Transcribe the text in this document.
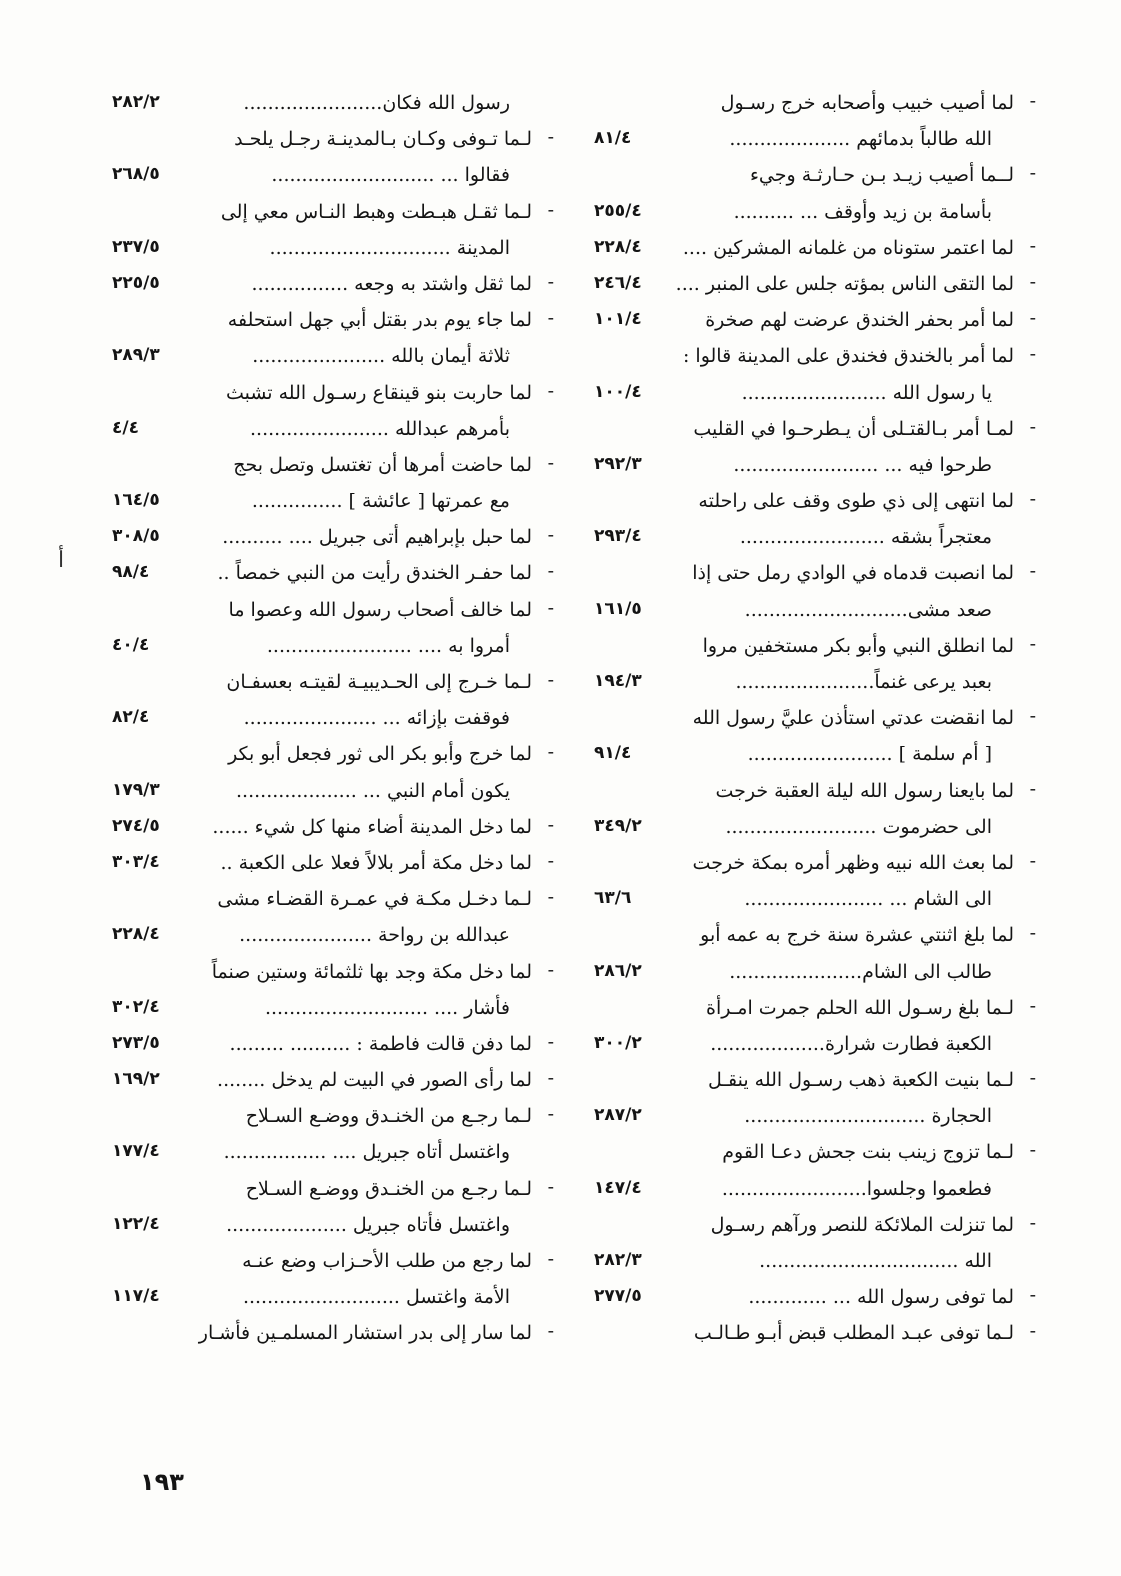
-
لما أصيب خبيب وأصحابه خرج رسـول
الله طالباً بدمائهم ....................
٨١/٤
-
لــما أصيب زيـد بـن حـارثـة وجيء
بأسامة بن زيد وأوقف ... ..........
٢٥٥/٤
-
لما اعتمر ستوناه من غلمانه المشركين ....
٢٢٨/٤
-
لما التقى الناس بمؤته جلس على المنبر ....
٢٤٦/٤
-
لما أمر بحفر الخندق عرضت لهم صخرة
١٠١/٤
-
لما أمر بالخندق فخندق على المدينة قالوا :
يا رسول الله ........................
١٠٠/٤
-
لمـا أمر بـالقتـلى أن يـطرحـوا في القليب
طرحوا فيه ... ........................
٢٩٢/٣
-
لما انتهى إلى ذي طوى وقف على راحلته
معتجراً بشقه ........................
٢٩٣/٤
-
لما انصبت قدماه في الوادي رمل حتى إذا
صعد مشى...........................
١٦١/٥
-
لما انطلق النبي وأبو بكر مستخفين مروا
بعبد يرعى غنماً.......................
١٩٤/٣
-
لما انقضت عدتي استأذن عليَّ رسول الله
[ أم سلمة ] ........................
٩١/٤
-
لما بايعنا رسول الله ليلة العقبة خرجت
الى حضرموت .........................
٣٤٩/٢
-
لما بعث الله نبيه وظهر أمره بمكة خرجت
الى الشام ... .......................
٦٣/٦
-
لما بلغ اثنتي عشرة سنة خرج به عمه أبو
طالب الى الشام......................
٢٨٦/٢
-
لـما بلغ رسـول الله الحلم جمرت امـرأة
الكعبة فطارت شرارة...................
٣٠٠/٢
-
لـما بنيت الكعبة ذهب رسـول الله ينقـل
الحجارة ..............................
٢٨٧/٢
-
لـما تزوج زينب بنت جحش دعـا القوم
فطعموا وجلسوا........................
١٤٧/٤
-
لما تنزلت الملائكة للنصر ورآهم رسـول
الله .................................
٢٨٢/٣
-
لما توفى رسول الله ... .............
٢٧٧/٥
-
لـما توفى عبـد المطلب قبض أبـو طـالـب
رسول الله فكان.......................
٢٨٢/٢
-
لـما تـوفى وكـان بـالمدينـة رجـل يلحـد
فقالوا ... ...........................
٢٦٨/٥
-
لـما ثقـل هبـطت وهبط النـاس معي إلى
المدينة ..............................
٢٣٧/٥
-
لما ثقل واشتد به وجعه ................
٢٢٥/٥
-
لما جاء يوم بدر بقتل أبي جهل استحلفه
ثلاثة أيمان بالله ......................
٢٨٩/٣
-
لما حاربت بنو قينقاع رسـول الله تشبث
بأمرهم عبدالله .......................
٤/٤
-
لما حاضت أمرها أن تغتسل وتصل بحج
مع عمرتها [ عائشة ] ...............
١٦٤/٥
-
لما حبل بإبراهيم أتى جبريل .... ..........
٣٠٨/٥
-
لما حفـر الخندق رأيت من النبي خمصاً ..
٩٨/٤
-
لما خالف أصحاب رسول الله وعصوا ما
أمروا به .... ........................
٤٠/٤
-
لـما خـرج إلى الحـديبيـة لقيتـه بعسفـان
فوقفت بإزائه ... ......................
٨٢/٤
-
لما خرج وأبو بكر الى ثور فجعل أبو بكر
يكون أمام النبي ... ....................
١٧٩/٣
-
لما دخل المدينة أضاء منها كل شيء ......
٢٧٤/٥
-
لما دخل مكة أمر بلالاً فعلا على الكعبة ..
٣٠٣/٤
-
لـما دخـل مكـة في عمـرة القضـاء مشى
عبدالله بن رواحة ......................
٢٢٨/٤
-
لما دخل مكة وجد بها ثلثمائة وستين صنماً
فأشار .... ...........................
٣٠٢/٤
-
لما دفن قالت فاطمة : .......... .........
٢٧٣/٥
-
لما رأى الصور في البيت لم يدخل ........
١٦٩/٢
-
لـما رجـع من الخنـدق ووضـع السـلاح
واغتسل أتاه جبريل .... .................
١٧٧/٤
-
لـما رجـع من الخنـدق ووضـع السـلاح
واغتسل فأتاه جبريل ....................
١٢٢/٤
-
لما رجع من طلب الأحـزاب وضع عنـه
الأمة واغتسل ..........................
١١٧/٤
-
لما سار إلى بدر استشار المسلمـين فأشـار
أ
١٩٣
